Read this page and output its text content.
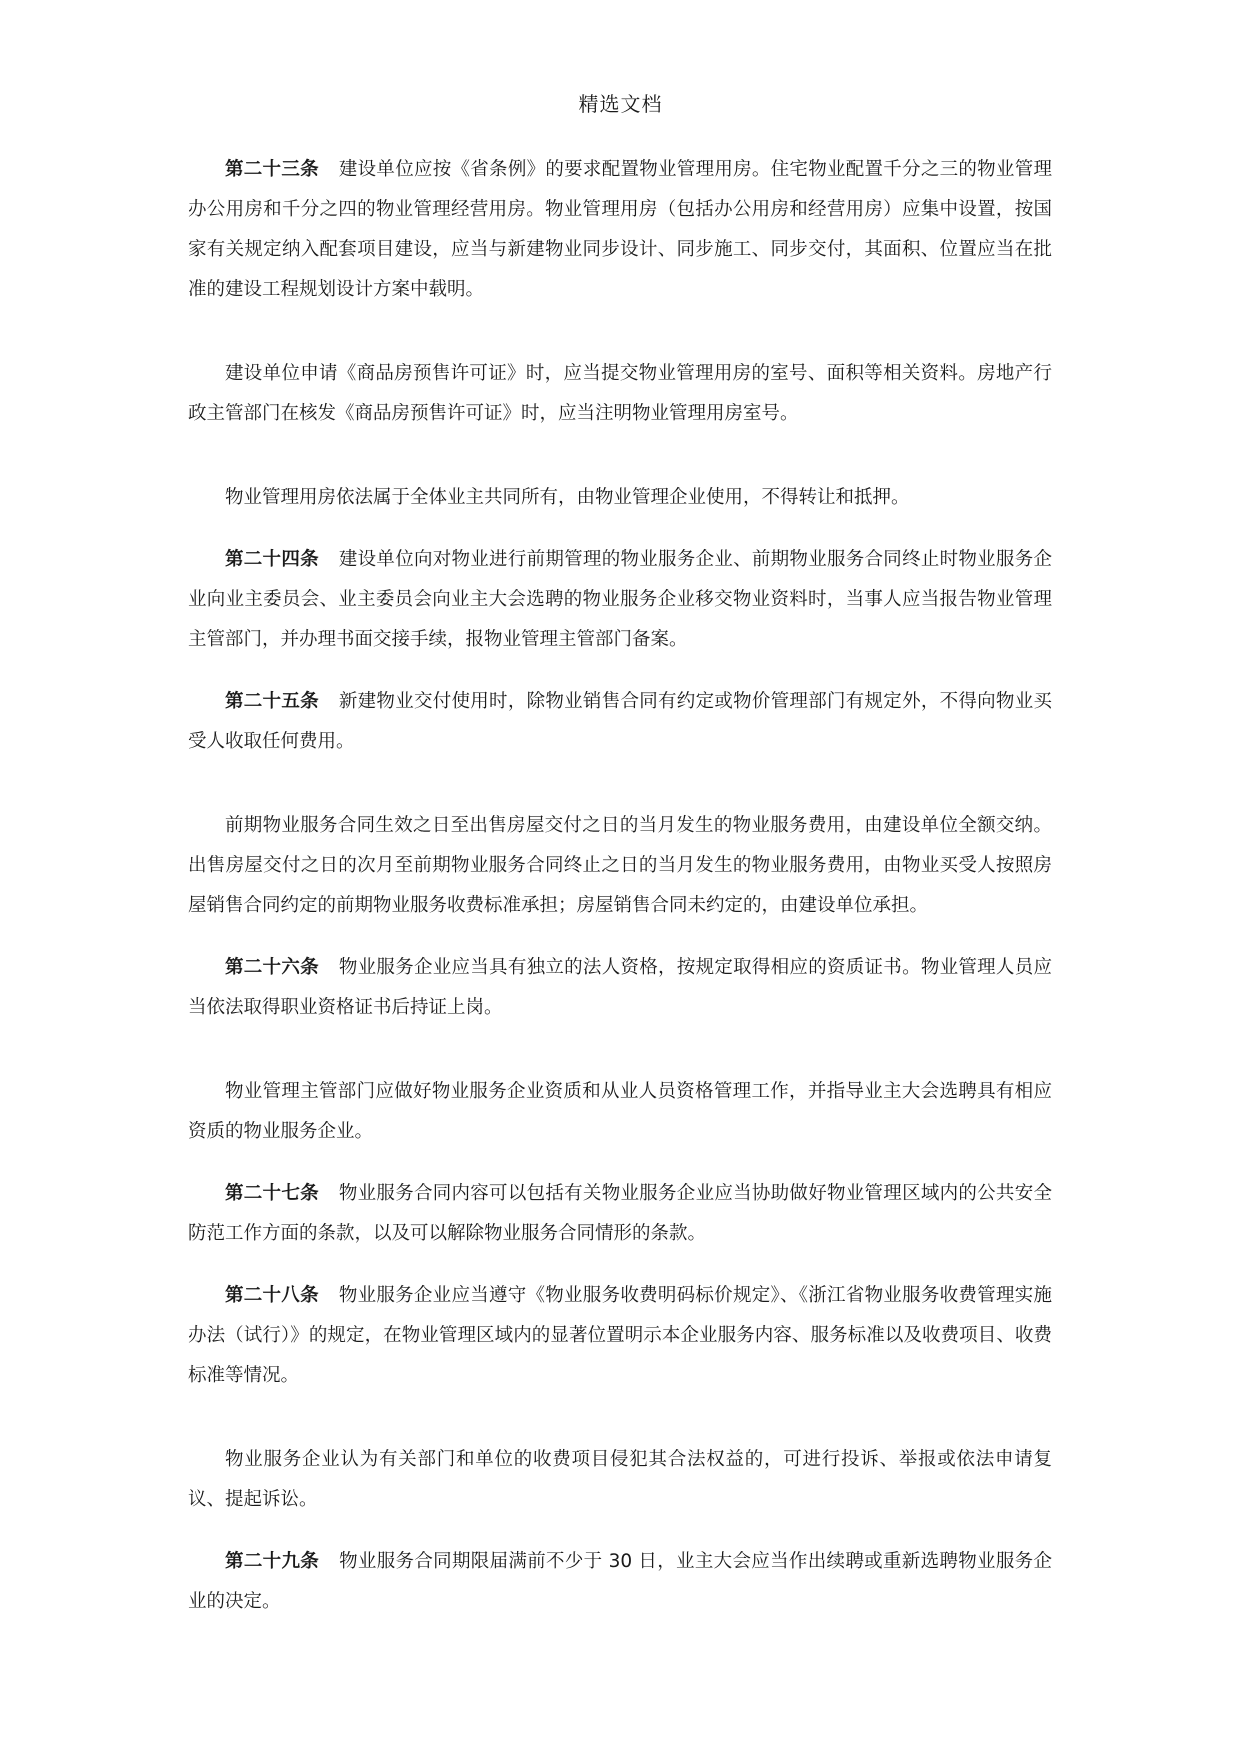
精选文档

第二十三条 建设单位应按《省条例》的要求配置物业管理用房。住宅物业配置千分之三的物业管理办公用房和千分之四的物业管理经营用房。物业管理用房（包括办公用房和经营用房）应集中设置，按国家有关规定纳入配套项目建设，应当与新建物业同步设计、同步施工、同步交付，其面积、位置应当在批准的建设工程规划设计方案中载明。

建设单位申请《商品房预售许可证》时，应当提交物业管理用房的室号、面积等相关资料。房地产行政主管部门在核发《商品房预售许可证》时，应当注明物业管理用房室号。

物业管理用房依法属于全体业主共同所有，由物业管理企业使用，不得转让和抵押。

第二十四条 建设单位向对物业进行前期管理的物业服务企业、前期物业服务合同终止时物业服务企业向业主委员会、业主委员会向业主大会选聘的物业服务企业移交物业资料时，当事人应当报告物业管理主管部门，并办理书面交接手续，报物业管理主管部门备案。

第二十五条 新建物业交付使用时，除物业销售合同有约定或物价管理部门有规定外，不得向物业买受人收取任何费用。

前期物业服务合同生效之日至出售房屋交付之日的当月发生的物业服务费用，由建设单位全额交纳。出售房屋交付之日的次月至前期物业服务合同终止之日的当月发生的物业服务费用，由物业买受人按照房屋销售合同约定的前期物业服务收费标准承担；房屋销售合同未约定的，由建设单位承担。

第二十六条 物业服务企业应当具有独立的法人资格，按规定取得相应的资质证书。物业管理人员应当依法取得职业资格证书后持证上岗。

物业管理主管部门应做好物业服务企业资质和从业人员资格管理工作，并指导业主大会选聘具有相应资质的物业服务企业。

第二十七条 物业服务合同内容可以包括有关物业服务企业应当协助做好物业管理区域内的公共安全防范工作方面的条款，以及可以解除物业服务合同情形的条款。

第二十八条 物业服务企业应当遵守《物业服务收费明码标价规定》、《浙江省物业服务收费管理实施办法（试行）》的规定，在物业管理区域内的显著位置明示本企业服务内容、服务标准以及收费项目、收费标准等情况。

物业服务企业认为有关部门和单位的收费项目侵犯其合法权益的，可进行投诉、举报或依法申请复议、提起诉讼。

第二十九条 物业服务合同期限届满前不少于 30 日，业主大会应当作出续聘或重新选聘物业服务企业的决定。
